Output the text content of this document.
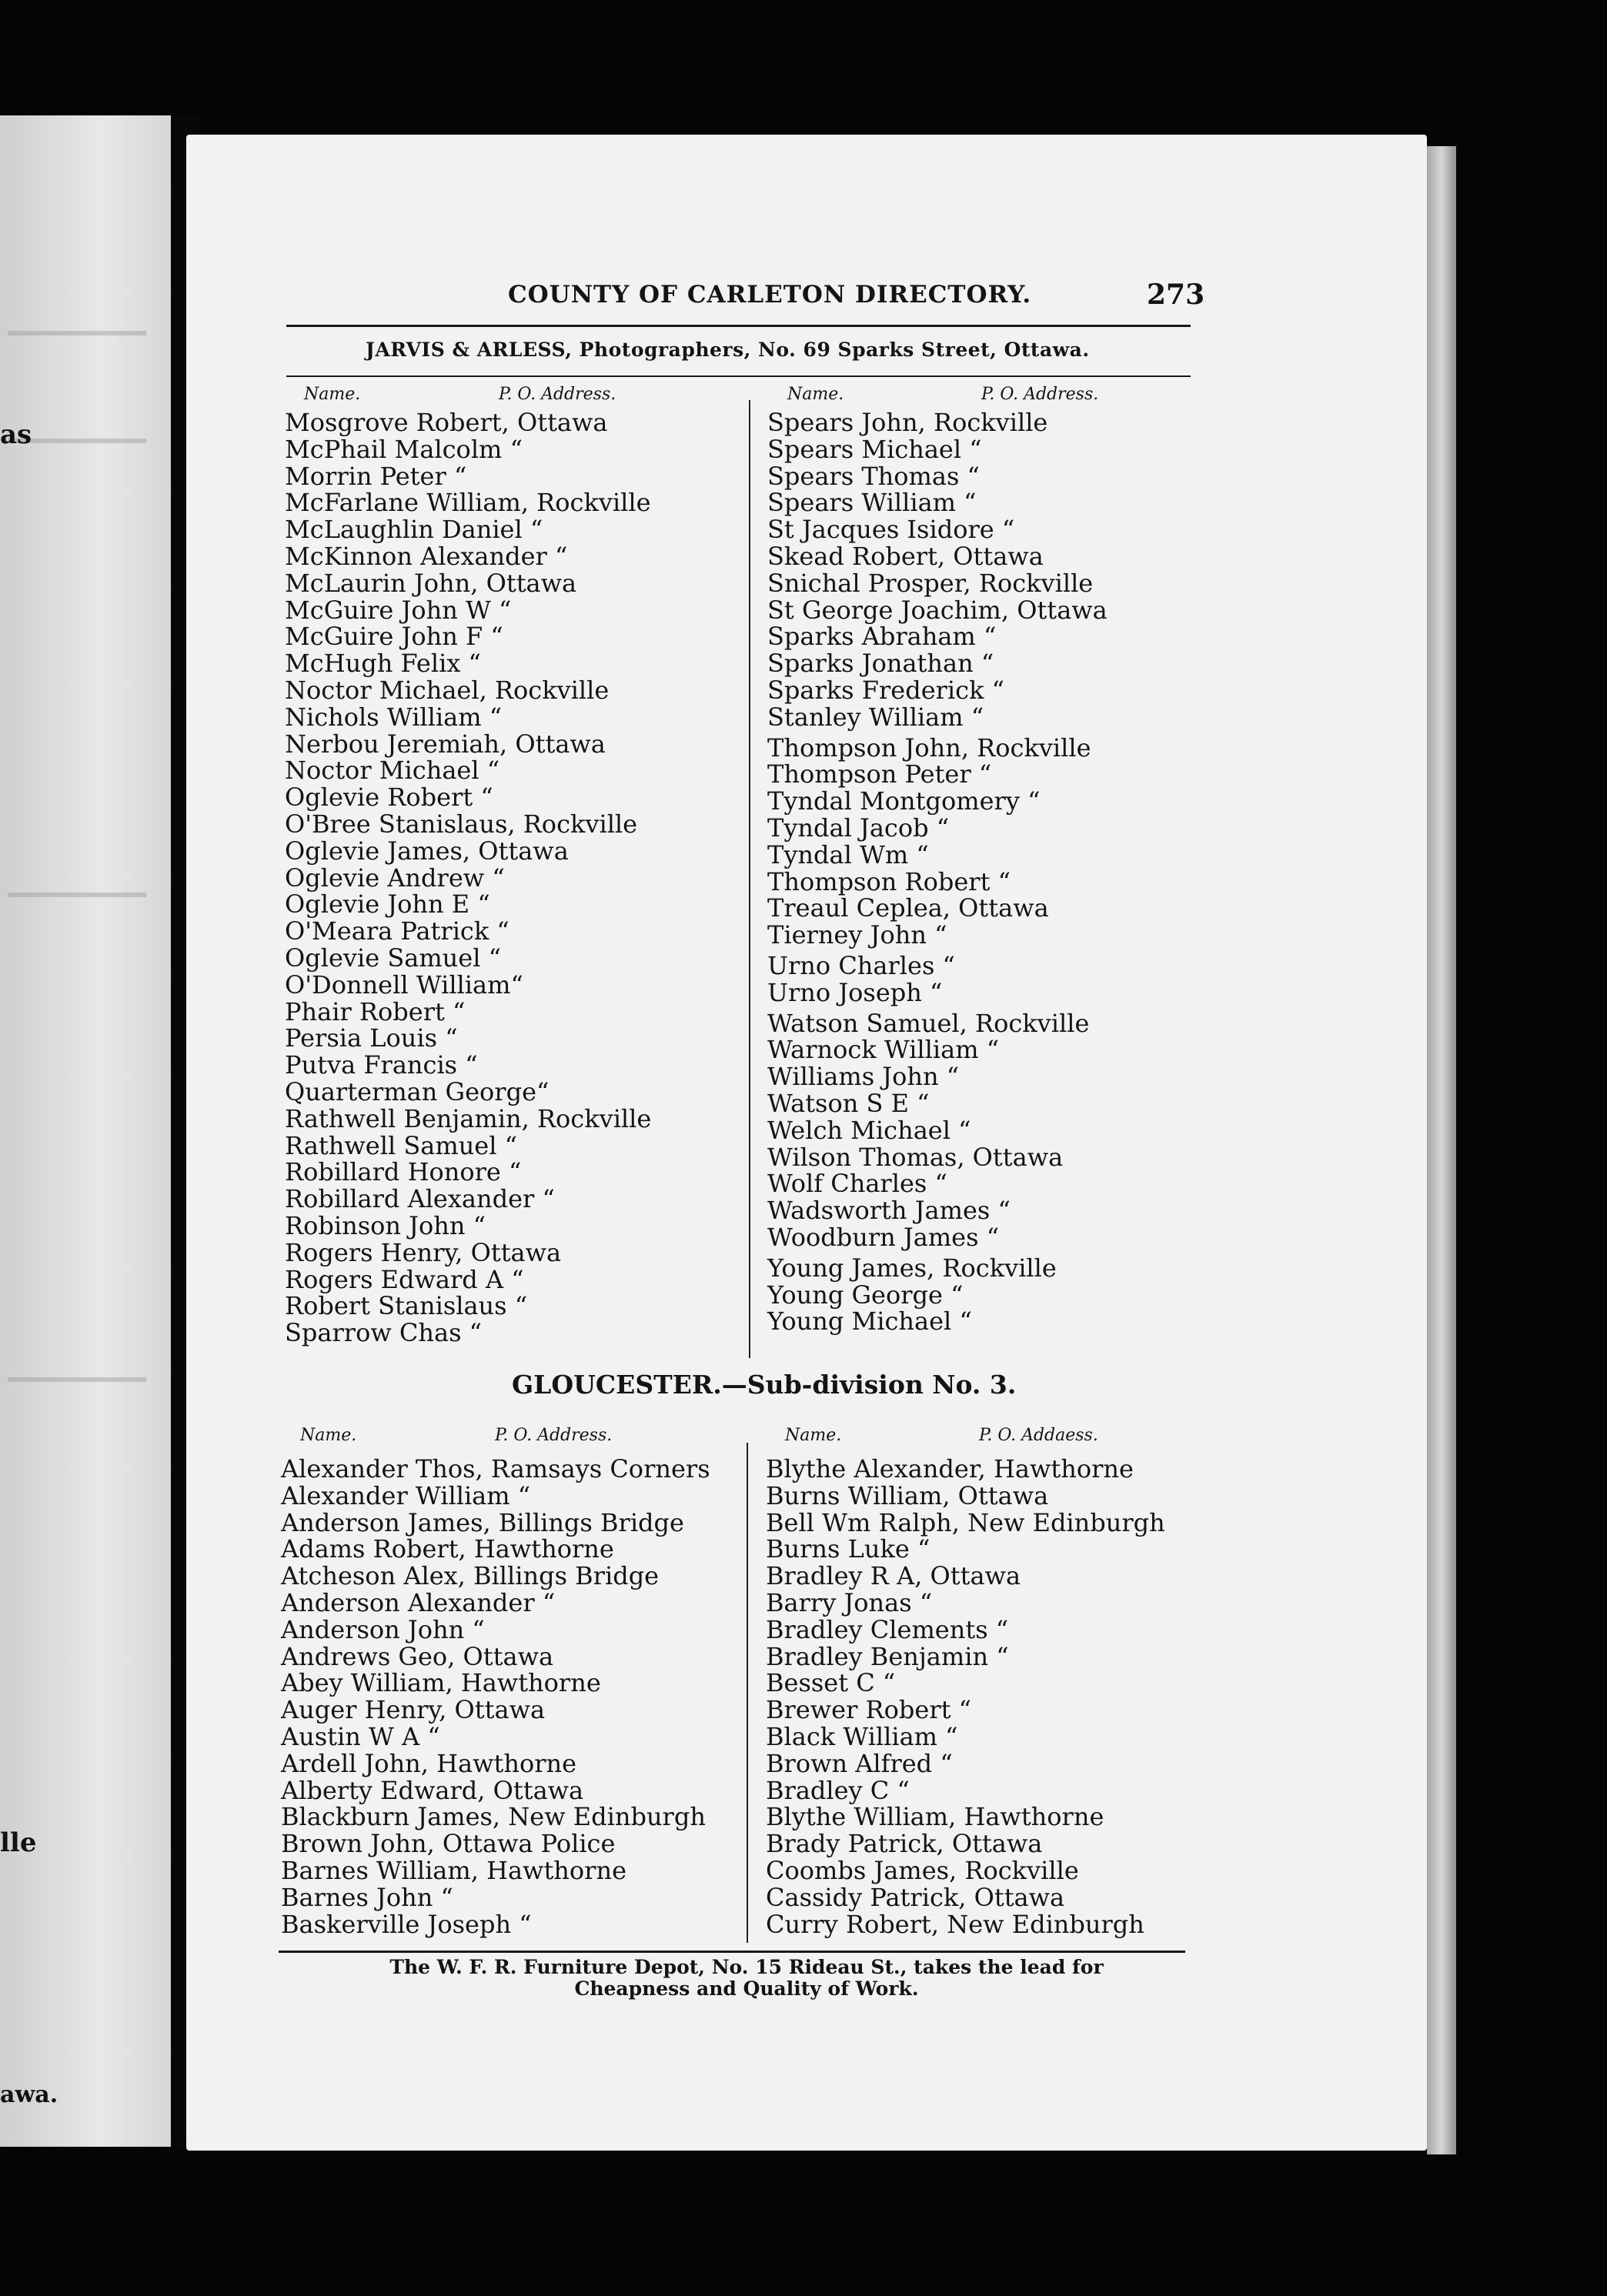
as
lle
awa.
COUNTY OF CARLETON DIRECTORY.	273
JARVIS & ARLESS, Photographers, No. 69 Sparks Street, Ottawa.
Name.	P. O. Address.	Name.	P. O. Address.
Mosgrove Robert, Ottawa
McPhail Malcolm “
Morrin Peter “
McFarlane William, Rockville
McLaughlin Daniel “
McKinnon Alexander “
McLaurin John, Ottawa
McGuire John W “
McGuire John F “
McHugh Felix “
Noctor Michael, Rockville
Nichols William “
Nerbou Jeremiah, Ottawa
Noctor Michael “
Oglevie Robert “
O'Bree Stanislaus, Rockville
Oglevie James, Ottawa
Oglevie Andrew “
Oglevie John E “
O'Meara Patrick “
Oglevie Samuel “
O'Donnell William“
Phair Robert “
Persia Louis “
Putva Francis “
Quarterman George“
Rathwell Benjamin, Rockville
Rathwell Samuel “
Robillard Honore “
Robillard Alexander “
Robinson John “
Rogers Henry, Ottawa
Rogers Edward A “
Robert Stanislaus “
Sparrow Chas “
Spears John, Rockville
Spears Michael “
Spears Thomas “
Spears William “
St Jacques Isidore “
Skead Robert, Ottawa
Snichal Prosper, Rockville
St George Joachim, Ottawa
Sparks Abraham “
Sparks Jonathan “
Sparks Frederick “
Stanley William “
Thompson John, Rockville
Thompson Peter “
Tyndal Montgomery “
Tyndal Jacob “
Tyndal Wm “
Thompson Robert “
Treaul Ceplea, Ottawa
Tierney John “
Urno Charles “
Urno Joseph “
Watson Samuel, Rockville
Warnock William “
Williams John “
Watson S E “
Welch Michael “
Wilson Thomas, Ottawa
Wolf Charles “
Wadsworth James “
Woodburn James “
Young James, Rockville
Young George “
Young Michael “
GLOUCESTER.—Sub-division No. 3.
Name.	P. O. Address.	Name.	P. O. Addaess.
Alexander Thos, Ramsays Corners
Alexander William “
Anderson James, Billings Bridge
Adams Robert, Hawthorne
Atcheson Alex, Billings Bridge
Anderson Alexander “
Anderson John “
Andrews Geo, Ottawa
Abey William, Hawthorne
Auger Henry, Ottawa
Austin W A “
Ardell John, Hawthorne
Alberty Edward, Ottawa
Blackburn James, New Edinburgh
Brown John, Ottawa Police
Barnes William, Hawthorne
Barnes John “
Baskerville Joseph “
Blythe Alexander, Hawthorne
Burns William, Ottawa
Bell Wm Ralph, New Edinburgh
Burns Luke “
Bradley R A, Ottawa
Barry Jonas “
Bradley Clements “
Bradley Benjamin “
Besset C “
Brewer Robert “
Black William “
Brown Alfred “
Bradley C “
Blythe William, Hawthorne
Brady Patrick, Ottawa
Coombs James, Rockville
Cassidy Patrick, Ottawa
Curry Robert, New Edinburgh
The W. F. R. Furniture Depot, No. 15 Rideau St., takes the lead for
Cheapness and Quality of Work.
